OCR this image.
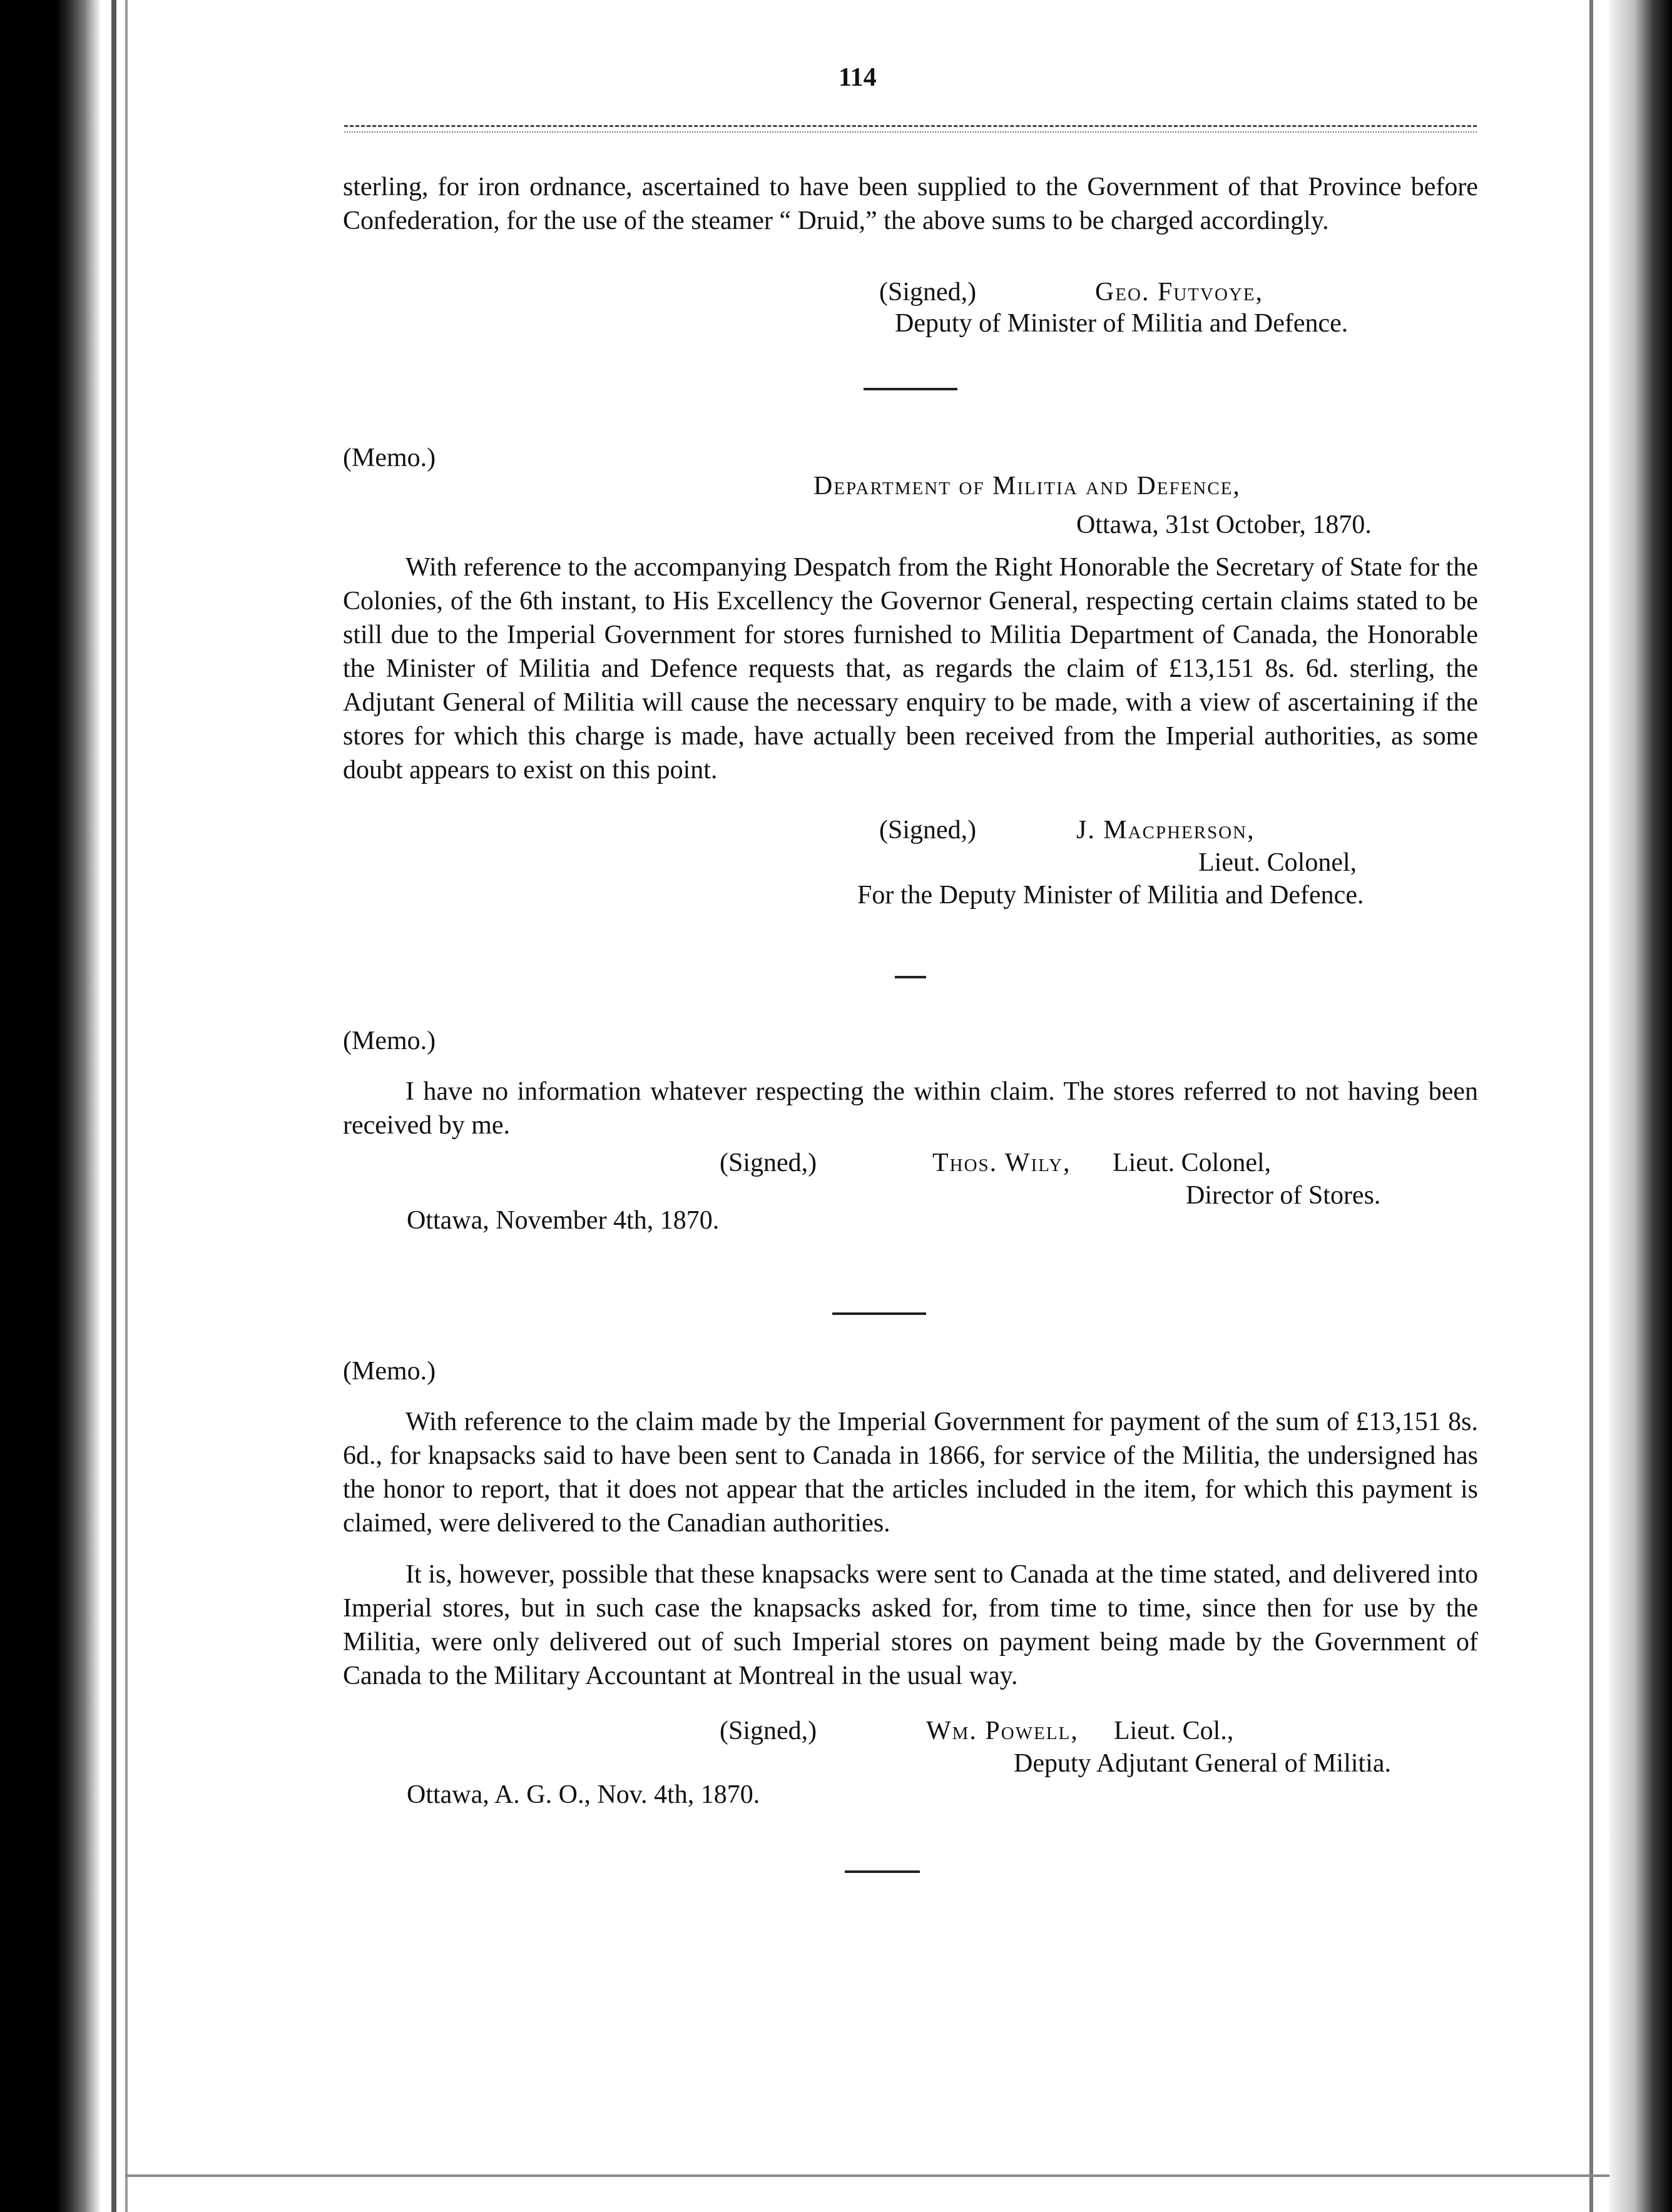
114
sterling, for iron ordnance, ascertained to have been supplied to the Government of that Province before Confederation, for the use of the steamer “ Druid,” the above sums to be charged accordingly.
(Signed,)	Geo. Futvoye,
Deputy of Minister of Militia and Defence.
(Memo.)
Department of Militia and Defence,
Ottawa, 31st October, 1870.
With reference to the accompanying Despatch from the Right Honorable the Secretary of State for the Colonies, of the 6th instant, to His Excellency the Governor General, respecting certain claims stated to be still due to the Imperial Government for stores furnished to Militia Department of Canada, the Honorable the Minister of Militia and Defence requests that, as regards the claim of £13,151 8s. 6d. sterling, the Adjutant General of Militia will cause the necessary enquiry to be made, with a view of ascertaining if the stores for which this charge is made, have actually been received from the Imperial authorities, as some doubt appears to exist on this point.
(Signed,)	J. Macpherson,
Lieut. Colonel,
For the Deputy Minister of Militia and Defence.
(Memo.)
I have no information whatever respecting the within claim. The stores referred to not having been received by me.
(Signed,)	Thos. Wily, Lieut. Colonel,
Director of Stores.
Ottawa, November 4th, 1870.
(Memo.)
With reference to the claim made by the Imperial Government for payment of the sum of £13,151 8s. 6d., for knapsacks said to have been sent to Canada in 1866, for service of the Militia, the undersigned has the honor to report, that it does not appear that the articles included in the item, for which this payment is claimed, were delivered to the Canadian authorities.
It is, however, possible that these knapsacks were sent to Canada at the time stated, and delivered into Imperial stores, but in such case the knapsacks asked for, from time to time, since then for use by the Militia, were only delivered out of such Imperial stores on payment being made by the Government of Canada to the Military Accountant at Montreal in the usual way.
(Signed,)	Wm. Powell, Lieut. Col.,
Deputy Adjutant General of Militia.
Ottawa, A. G. O., Nov. 4th, 1870.
